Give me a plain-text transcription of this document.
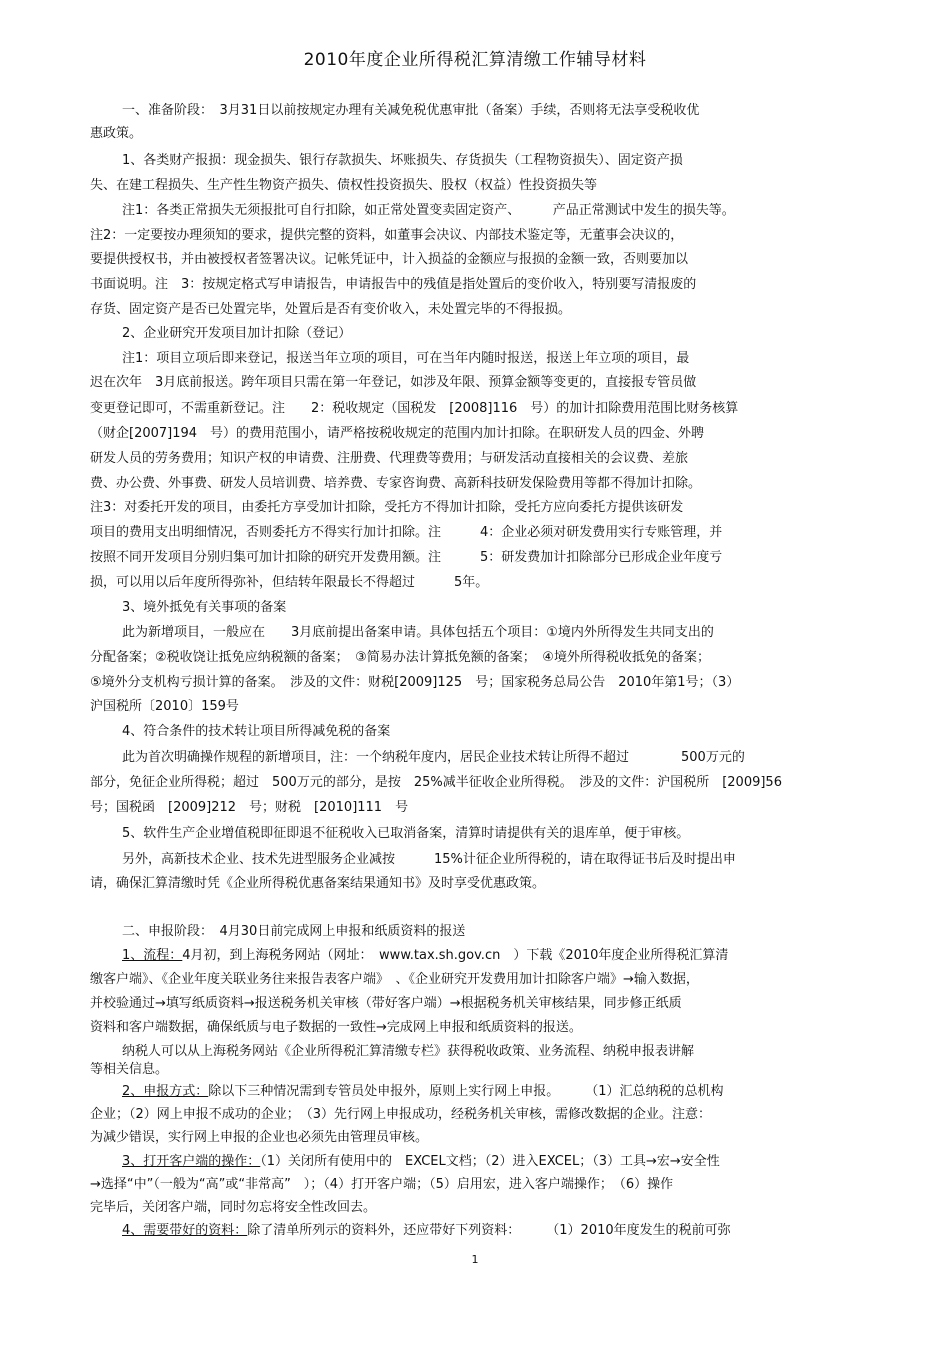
2010年度企业所得税汇算清缴工作辅导材料
一、准备阶段：　3月31日以前按规定办理有关减免税优惠审批（备案）手续，否则将无法享受税收优
惠政策。
1、各类财产报损：现金损失、银行存款损失、坏账损失、存货损失（工程物资损失）、固定资产损
失、在建工程损失、生产性生物资产损失、债权性投资损失、股权（权益）性投资损失等
注1：各类正常损失无须报批可自行扣除，如正常处置变卖固定资产、　　　产品正常测试中发生的损失等。
注2：一定要按办理须知的要求，提供完整的资料，如董事会决议、内部技术鉴定等，无董事会决议的，
要提供授权书，并由被授权者签署决议。记帐凭证中，计入损益的金额应与报损的金额一致，否则要加以
书面说明。注　3：按规定格式写申请报告，申请报告中的残值是指处置后的变价收入，特别要写清报废的
存货、固定资产是否已处置完毕，处置后是否有变价收入，未处置完毕的不得报损。
2、企业研究开发项目加计扣除（登记）
注1：项目立项后即来登记，报送当年立项的项目，可在当年内随时报送，报送上年立项的项目，最
迟在次年　3月底前报送。跨年项目只需在第一年登记，如涉及年限、预算金额等变更的，直接报专管员做
变更登记即可，不需重新登记。注　　2：税收规定（国税发　[2008]116　号）的加计扣除费用范围比财务核算
（财企[2007]194　号）的费用范围小，请严格按税收规定的范围内加计扣除。在职研发人员的四金、外聘
研发人员的劳务费用；知识产权的申请费、注册费、代理费等费用；与研发活动直接相关的会议费、差旅
费、办公费、外事费、研发人员培训费、培养费、专家咨询费、高新科技研发保险费用等都不得加计扣除。
注3：对委托开发的项目，由委托方享受加计扣除，受托方不得加计扣除，受托方应向委托方提供该研发
项目的费用支出明细情况，否则委托方不得实行加计扣除。注　　　4：企业必须对研发费用实行专账管理，并
按照不同开发项目分别归集可加计扣除的研究开发费用额。注　　　5：研发费加计扣除部分已形成企业年度亏
损，可以用以后年度所得弥补，但结转年限最长不得超过　　　5年。
3、境外抵免有关事项的备案
此为新增项目，一般应在　　3月底前提出备案申请。具体包括五个项目：①境内外所得发生共同支出的
分配备案；②税收饶让抵免应纳税额的备案；　③简易办法计算抵免额的备案；　④境外所得税收抵免的备案；
⑤境外分支机构亏损计算的备案。　涉及的文件：财税[2009]125　号；国家税务总局公告　2010年第1号；（3）
沪国税所〔2010〕159号
4、符合条件的技术转让项目所得减免税的备案
此为首次明确操作规程的新增项目，注：一个纳税年度内，居民企业技术转让所得不超过　　　　500万元的
部分，免征企业所得税；超过　500万元的部分，是按　25%减半征收企业所得税。　涉及的文件：沪国税所　[2009]56
号；国税函　[2009]212　号；财税　[2010]111　号
5、软件生产企业增值税即征即退不征税收入已取消备案，清算时请提供有关的退库单，便于审核。
另外，高新技术企业、技术先进型服务企业减按　　　15%计征企业所得税的，请在取得证书后及时提出申
请，确保汇算清缴时凭《企业所得税优惠备案结果通知书》及时享受优惠政策。
二、申报阶段：　4月30日前完成网上申报和纸质资料的报送
1、流程：4月初，到上海税务网站（网址：　www.tax.sh.gov.cn　）下载《2010年度企业所得税汇算清
缴客户端》、《企业年度关联业务往来报告表客户端》　、《企业研究开发费用加计扣除客户端》→输入数据，
并校验通过→填写纸质资料→报送税务机关审核（带好客户端）→根据税务机关审核结果，同步修正纸质
资料和客户端数据，确保纸质与电子数据的一致性→完成网上申报和纸质资料的报送。
纳税人可以从上海税务网站《企业所得税汇算清缴专栏》获得税收政策、业务流程、纳税申报表讲解
等相关信息。
2、申报方式：除以下三种情况需到专管员处申报外，原则上实行网上申报。　　　（1）汇总纳税的总机构
企业；（2）网上申报不成功的企业；　（3）先行网上申报成功，经税务机关审核，需修改数据的企业。注意：
为减少错误，实行网上申报的企业也必须先由管理员审核。
3、打开客户端的操作：（1）关闭所有使用中的　EXCEL文档；（2）进入EXCEL；（3）工具→宏→安全性
→选择“中”（一般为“高”或“非常高”　）；（4）打开客户端；（5）启用宏，进入客户端操作；　（6）操作
完毕后，关闭客户端，同时勿忘将安全性改回去。
4、需要带好的资料：除了清单所列示的资料外，还应带好下列资料：　　　（1）2010年度发生的税前可弥
1
